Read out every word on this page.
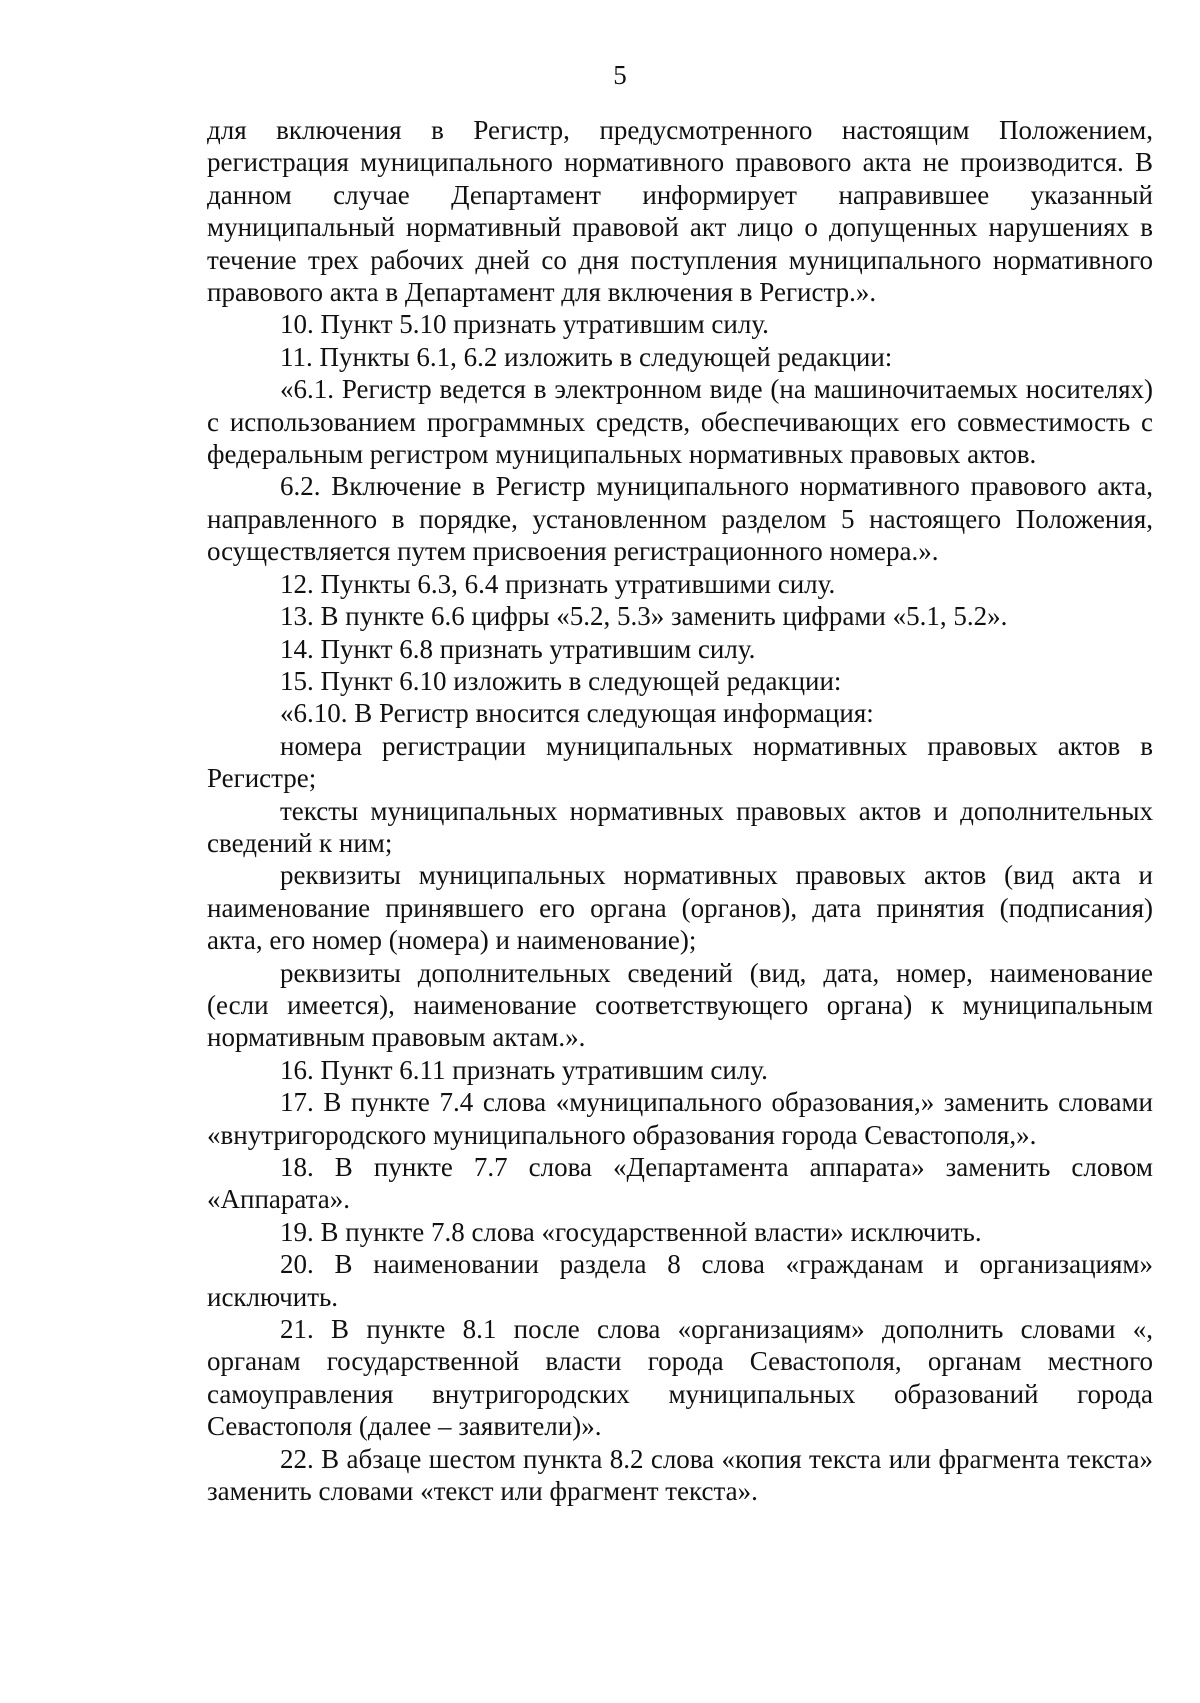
5

для включения в Регистр, предусмотренного настоящим Положением, регистрация муниципального нормативного правового акта не производится. В данном случае Департамент информирует направившее указанный муниципальный нормативный правовой акт лицо о допущенных нарушениях в течение трех рабочих дней со дня поступления муниципального нормативного правового акта в Департамент для включения в Регистр.».

10. Пункт 5.10 признать утратившим силу.

11. Пункты 6.1, 6.2 изложить в следующей редакции:

«6.1. Регистр ведется в электронном виде (на машиночитаемых носителях) с использованием программных средств, обеспечивающих его совместимость с федеральным регистром муниципальных нормативных правовых актов.

6.2. Включение в Регистр муниципального нормативного правового акта, направленного в порядке, установленном разделом 5 настоящего Положения, осуществляется путем присвоения регистрационного номера.».

12. Пункты 6.3, 6.4 признать утратившими силу.

13. В пункте 6.6 цифры «5.2, 5.3» заменить цифрами «5.1, 5.2».

14. Пункт 6.8 признать утратившим силу.

15. Пункт 6.10 изложить в следующей редакции:

«6.10. В Регистр вносится следующая информация:

номера регистрации муниципальных нормативных правовых актов в Регистре;

тексты муниципальных нормативных правовых актов и дополнительных сведений к ним;

реквизиты муниципальных нормативных правовых актов (вид акта и наименование принявшего его органа (органов), дата принятия (подписания) акта, его номер (номера) и наименование);

реквизиты дополнительных сведений (вид, дата, номер, наименование (если имеется), наименование соответствующего органа) к муниципальным нормативным правовым актам.».

16. Пункт 6.11 признать утратившим силу.

17. В пункте 7.4 слова «муниципального образования,» заменить словами «внутригородского муниципального образования города Севастополя,».

18. В пункте 7.7 слова «Департамента аппарата» заменить словом «Аппарата».

19. В пункте 7.8 слова «государственной власти» исключить.

20. В наименовании раздела 8 слова «гражданам и организациям» исключить.

21. В пункте 8.1 после слова «организациям» дополнить словами «, органам государственной власти города Севастополя, органам местного самоуправления внутригородских муниципальных образований города Севастополя (далее – заявители)».

22. В абзаце шестом пункта 8.2 слова «копия текста или фрагмента текста» заменить словами «текст или фрагмент текста».
